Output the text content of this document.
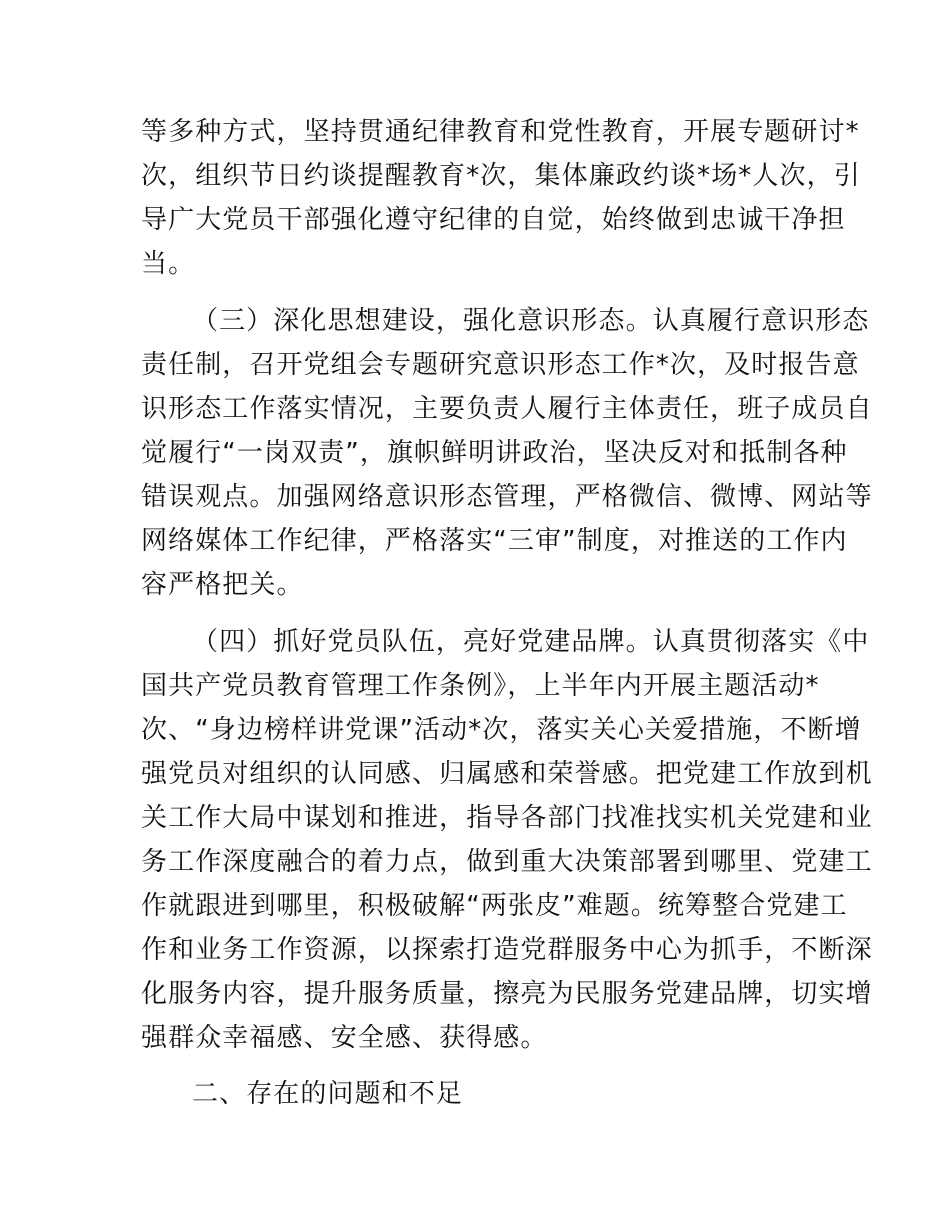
等多种方式，坚持贯通纪律教育和党性教育，开展专题研讨*

次，组织节日约谈提醒教育*次，集体廉政约谈*场*人次，引

导广大党员干部强化遵守纪律的自觉，始终做到忠诚干净担

当。

（三）深化思想建设，强化意识形态。认真履行意识形态

责任制，召开党组会专题研究意识形态工作*次，及时报告意

识形态工作落实情况，主要负责人履行主体责任，班子成员自

觉履行“一岗双责”，旗帜鲜明讲政治，坚决反对和抵制各种

错误观点。加强网络意识形态管理，严格微信、微博、网站等

网络媒体工作纪律，严格落实“三审”制度，对推送的工作内

容严格把关。

（四）抓好党员队伍，亮好党建品牌。认真贯彻落实《中

国共产党员教育管理工作条例》，上半年内开展主题活动*

次、“身边榜样讲党课”活动*次，落实关心关爱措施，不断增

强党员对组织的认同感、归属感和荣誉感。把党建工作放到机

关工作大局中谋划和推进，指导各部门找准找实机关党建和业

务工作深度融合的着力点，做到重大决策部署到哪里、党建工

作就跟进到哪里，积极破解“两张皮”难题。统筹整合党建工

作和业务工作资源，以探索打造党群服务中心为抓手，不断深

化服务内容，提升服务质量，擦亮为民服务党建品牌，切实增

强群众幸福感、安全感、获得感。

二、存在的问题和不足
